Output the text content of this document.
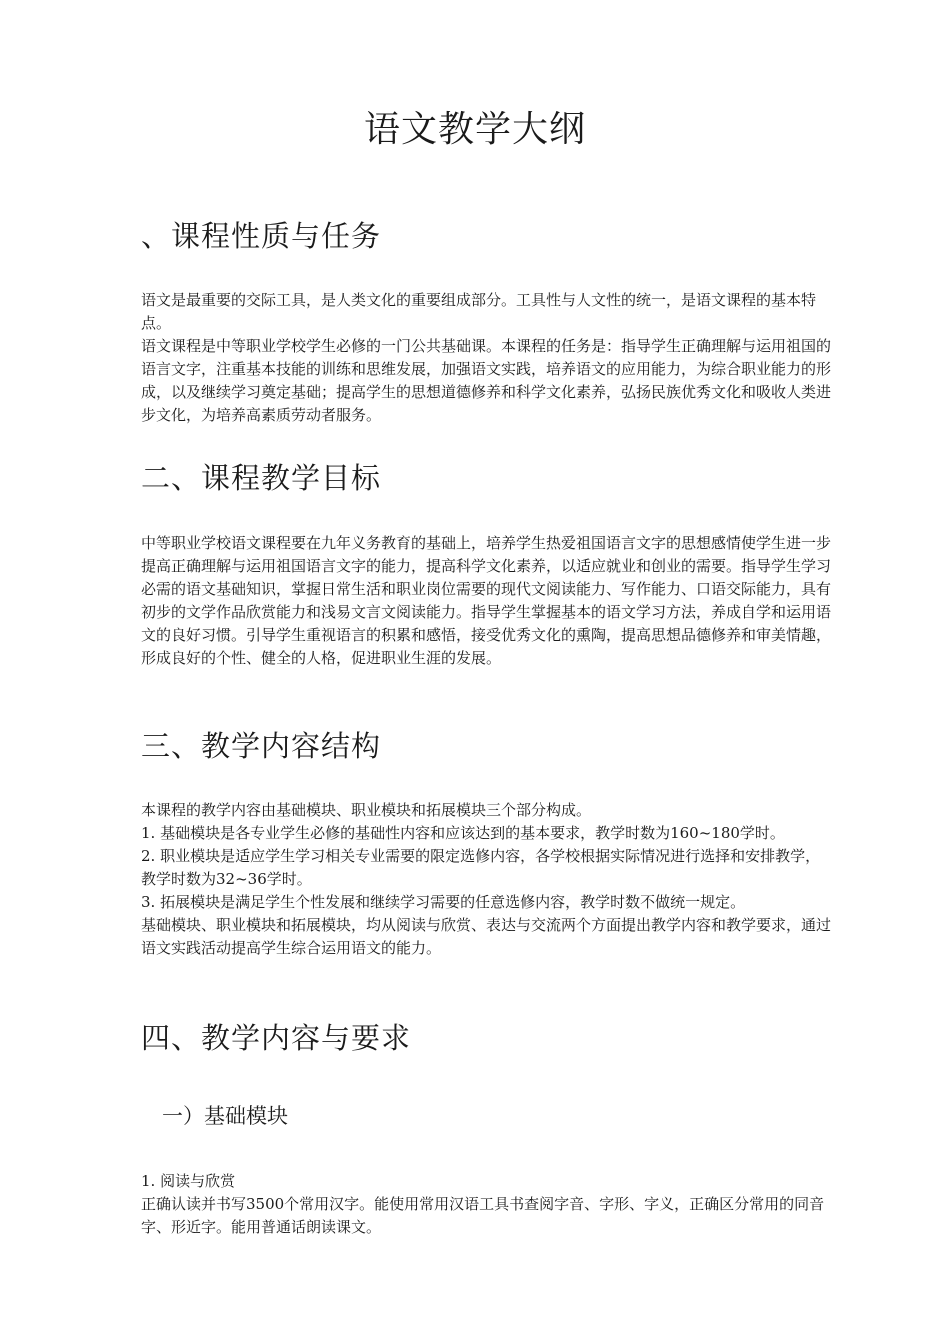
语文教学大纲
、课程性质与任务

语文是最重要的交际工具，是人类文化的重要组成部分。工具性与人文性的统一，是语文课程的基本特点。

语文课程是中等职业学校学生必修的一门公共基础课。本课程的任务是：指导学生正确理解与运用祖国的语言文字，注重基本技能的训练和思维发展，加强语文实践，培养语文的应用能力，为综合职业能力的形成，以及继续学习奠定基础；提高学生的思想道德修养和科学文化素养，弘扬民族优秀文化和吸收人类进步文化，为培养高素质劳动者服务。

二、课程教学目标

中等职业学校语文课程要在九年义务教育的基础上，培养学生热爱祖国语言文字的思想感情使学生进一步提高正确理解与运用祖国语言文字的能力，提高科学文化素养，以适应就业和创业的需要。指导学生学习必需的语文基础知识，掌握日常生活和职业岗位需要的现代文阅读能力、写作能力、口语交际能力，具有初步的文学作品欣赏能力和浅易文言文阅读能力。指导学生掌握基本的语文学习方法，养成自学和运用语文的良好习惯。引导学生重视语言的积累和感悟，接受优秀文化的熏陶，提高思想品德修养和审美情趣，形成良好的个性、健全的人格，促进职业生涯的发展。

三、教学内容结构

本课程的教学内容由基础模块、职业模块和拓展模块三个部分构成。

1. 基础模块是各专业学生必修的基础性内容和应该达到的基本要求，教学时数为160~180学时。

2. 职业模块是适应学生学习相关专业需要的限定选修内容，各学校根据实际情况进行选择和安排教学，教学时数为32~36学时。

3. 拓展模块是满足学生个性发展和继续学习需要的任意选修内容，教学时数不做统一规定。

基础模块、职业模块和拓展模块，均从阅读与欣赏、表达与交流两个方面提出教学内容和教学要求，通过语文实践活动提高学生综合运用语文的能力。

四、教学内容与要求
一）基础模块

1. 阅读与欣赏

正确认读并书写3500个常用汉字。能使用常用汉语工具书查阅字音、字形、字义，正确区分常用的同音字、形近字。能用普通话朗读课文。
